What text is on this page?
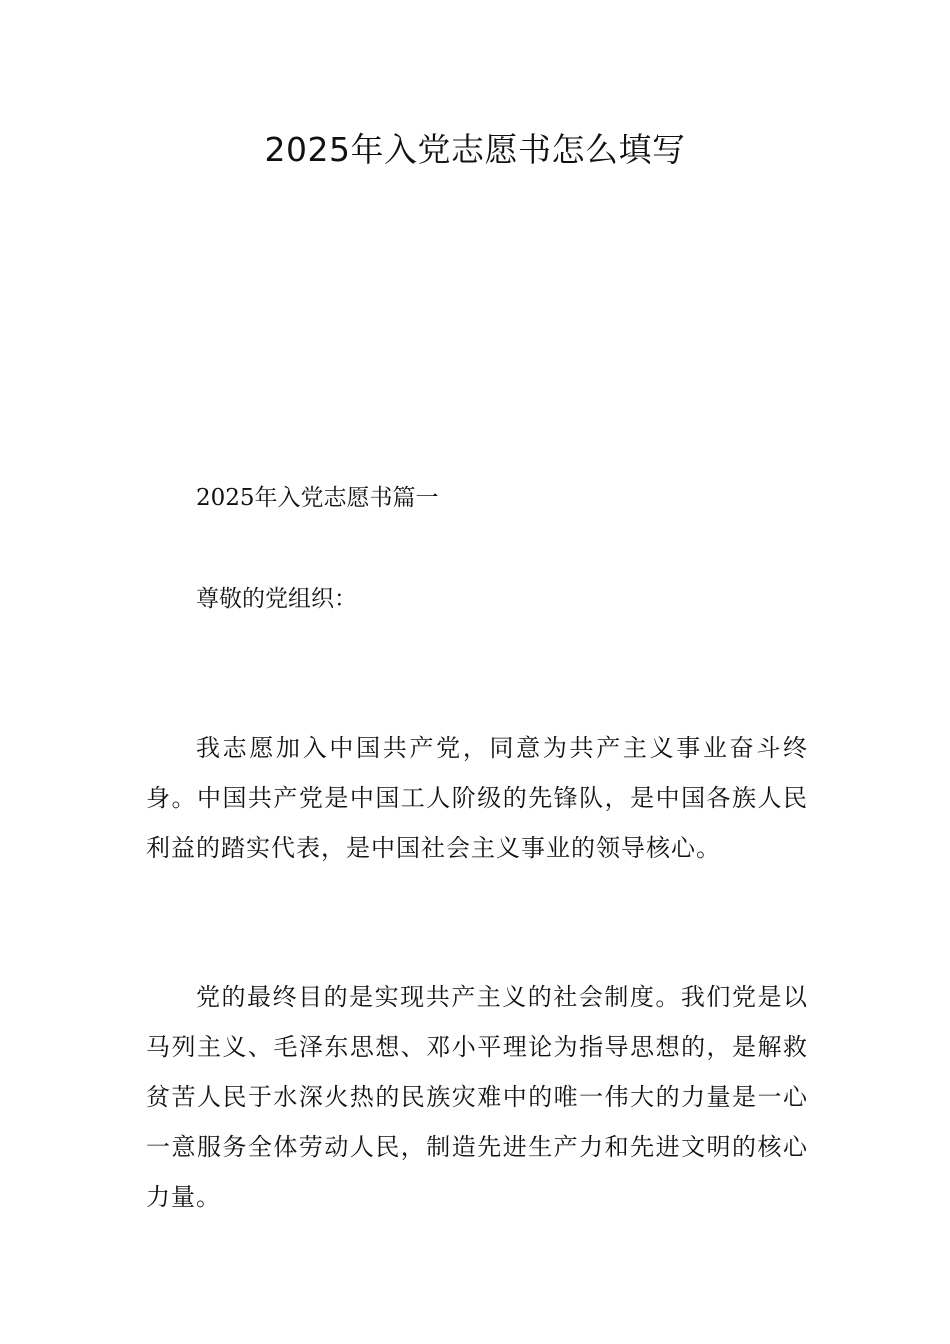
2025年入党志愿书怎么填写
2025年入党志愿书篇一

尊敬的党组织：

我志愿加入中国共产党，同意为共产主义事业奋斗终身。中国共产党是中国工人阶级的先锋队，是中国各族人民利益的踏实代表，是中国社会主义事业的领导核心。

党的最终目的是实现共产主义的社会制度。我们党是以马列主义、毛泽东思想、邓小平理论为指导思想的，是解救贫苦人民于水深火热的民族灾难中的唯一伟大的力量是一心一意服务全体劳动人民，制造先进生产力和先进文明的核心力量。
